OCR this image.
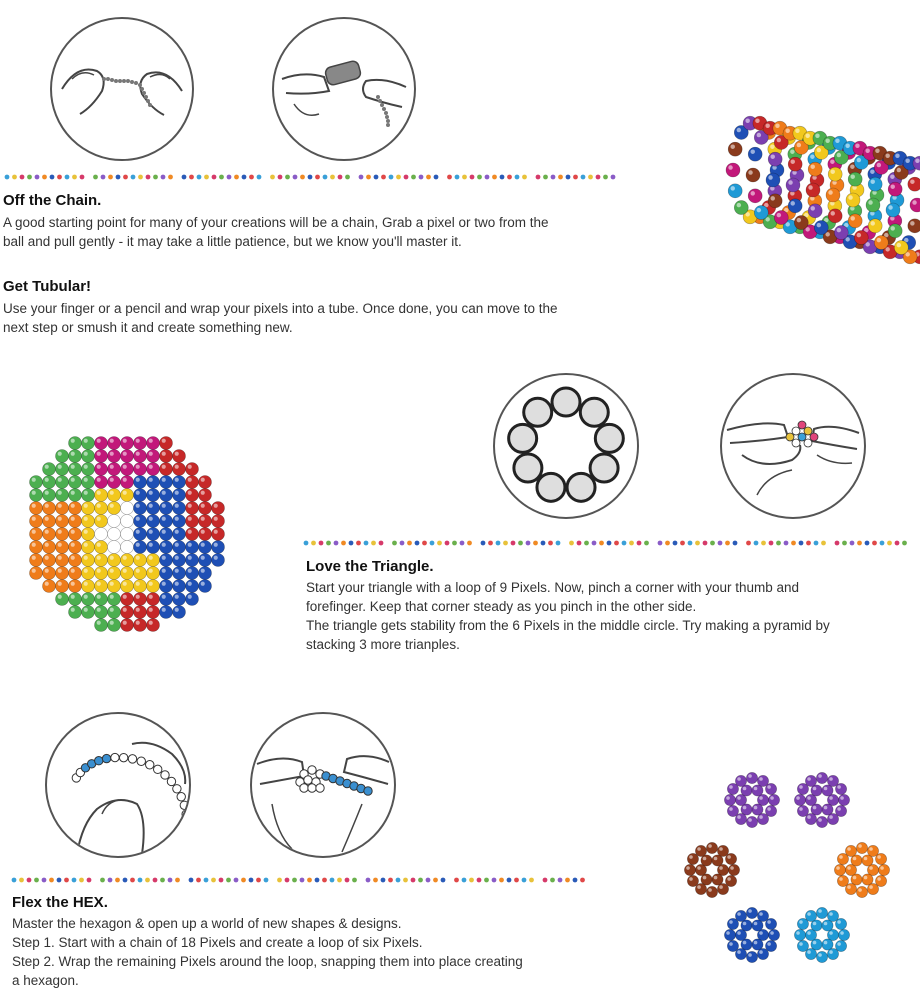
Off the Chain.
A good starting point for many of your creations will be a chain, Grab a pixel or two from the
ball and pull gently - it may take a little patience, but we know you'll master it.
Get Tubular!
Use your finger or a pencil and wrap your pixels into a tube. Once done, you can move to the
next step or smush it and create something new.
Love the Triangle.
Start your triangle with a loop of 9 Pixels. Now, pinch a corner with your thumb and
forefinger. Keep that corner steady as you pinch in the other side.
The triangle gets stability from the 6 Pixels in the middle circle. Try making a pyramid by
stacking 3 more trianples.
Flex the HEX.
Master the hexagon & open up a world of new shapes & designs.
Step 1. Start with a chain of 18 Pixels and create a loop of six Pixels.
Step 2. Wrap the remaining Pixels around the loop, snapping them into place creating
a hexagon.
